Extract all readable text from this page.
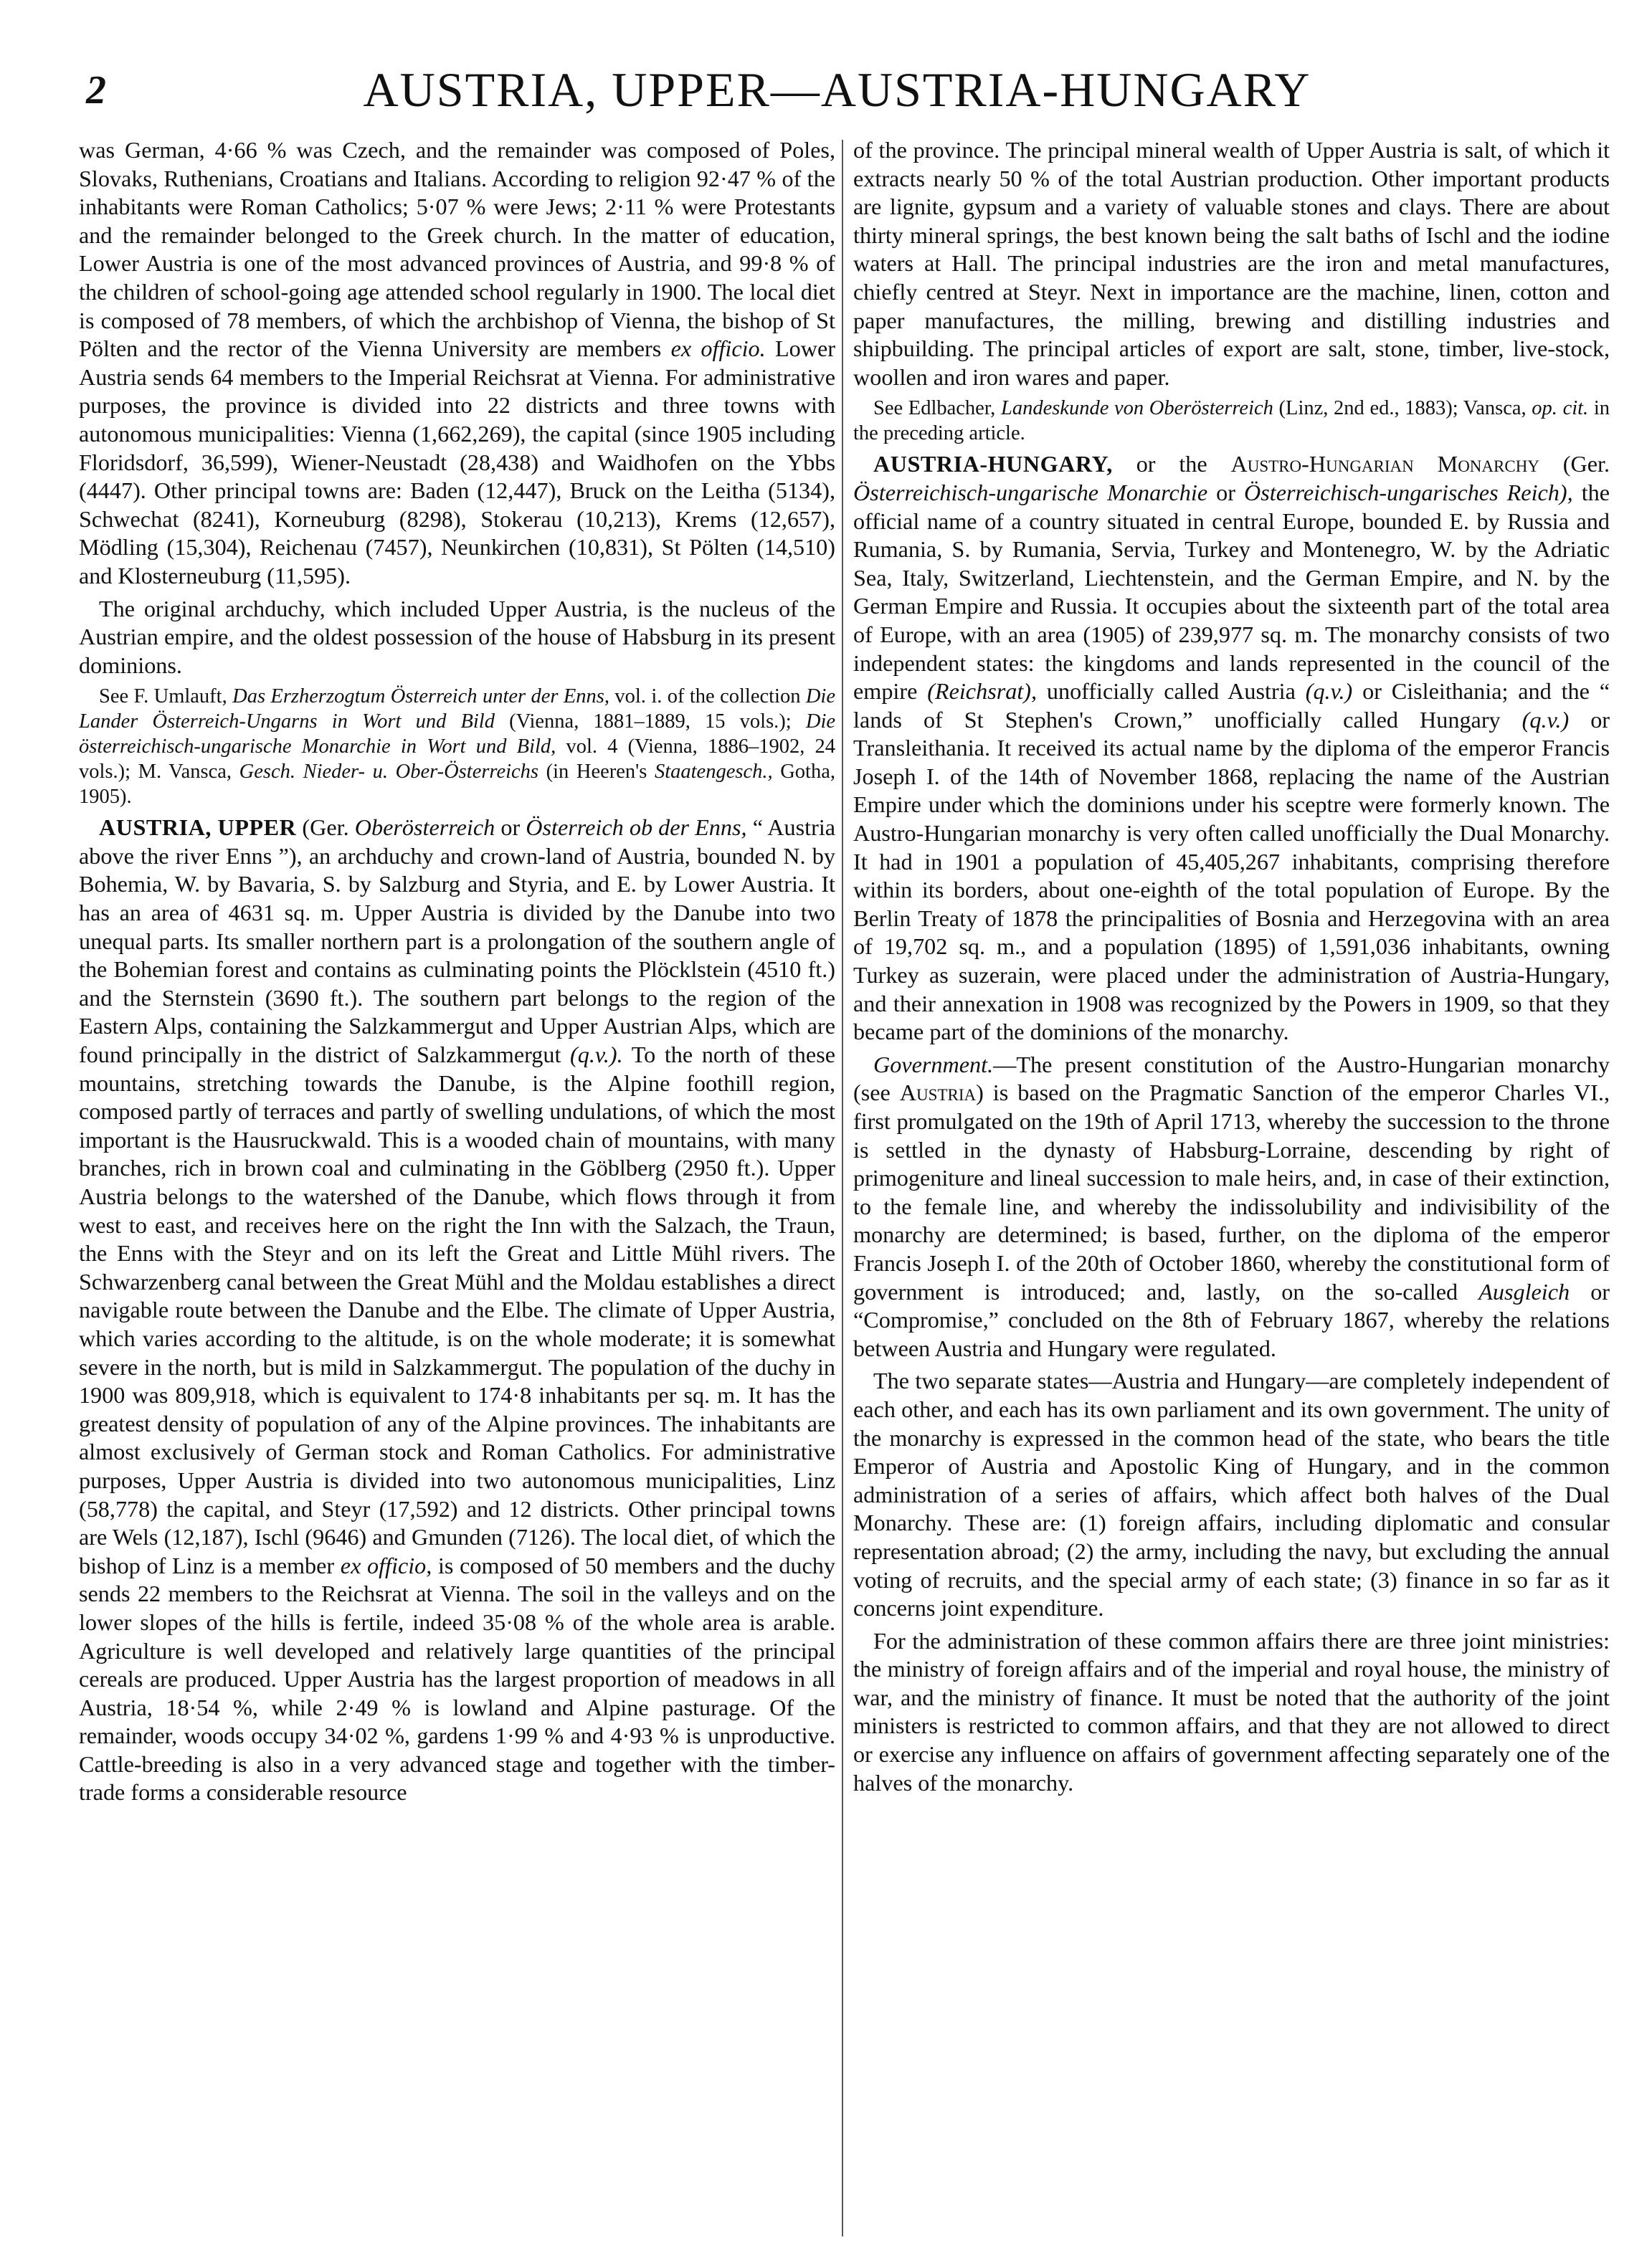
2	AUSTRIA, UPPER—AUSTRIA-HUNGARY

was German, 4·66 % was Czech, and the remainder was composed of Poles, Slovaks, Ruthenians, Croatians and Italians. According to religion 92·47 % of the inhabitants were Roman Catholics; 5·07 % were Jews; 2·11 % were Protestants and the remainder belonged to the Greek church. In the matter of education, Lower Austria is one of the most advanced provinces of Austria, and 99·8 % of the children of school-going age attended school regularly in 1900. The local diet is composed of 78 members, of which the archbishop of Vienna, the bishop of St Pölten and the rector of the Vienna University are members ex officio. Lower Austria sends 64 members to the Imperial Reichsrat at Vienna. For administrative purposes, the province is divided into 22 districts and three towns with autonomous municipalities: Vienna (1,662,269), the capital (since 1905 including Floridsdorf, 36,599), Wiener-Neustadt (28,438) and Waidhofen on the Ybbs (4447). Other principal towns are: Baden (12,447), Bruck on the Leitha (5134), Schwechat (8241), Korneuburg (8298), Stokerau (10,213), Krems (12,657), Mödling (15,304), Reichenau (7457), Neunkirchen (10,831), St Pölten (14,510) and Klosterneuburg (11,595).

The original archduchy, which included Upper Austria, is the nucleus of the Austrian empire, and the oldest possession of the house of Habsburg in its present dominions.

See F. Umlauft, Das Erzherzogtum Österreich unter der Enns, vol. i. of the collection Die Lander Österreich-Ungarns in Wort und Bild (Vienna, 1881–1889, 15 vols.); Die österreichisch-ungarische Monarchie in Wort und Bild, vol. 4 (Vienna, 1886–1902, 24 vols.); M. Vansca, Gesch. Nieder- u. Ober-Österreichs (in Heeren's Staatengesch., Gotha, 1905).

AUSTRIA, UPPER (Ger. Oberösterreich or Österreich ob der Enns, “ Austria above the river Enns ”), an archduchy and crown-land of Austria, bounded N. by Bohemia, W. by Bavaria, S. by Salzburg and Styria, and E. by Lower Austria. It has an area of 4631 sq. m. Upper Austria is divided by the Danube into two unequal parts. Its smaller northern part is a prolongation of the southern angle of the Bohemian forest and contains as culminating points the Plöcklstein (4510 ft.) and the Sternstein (3690 ft.). The southern part belongs to the region of the Eastern Alps, containing the Salzkammergut and Upper Austrian Alps, which are found principally in the district of Salzkammergut (q.v.). To the north of these mountains, stretching towards the Danube, is the Alpine foothill region, composed partly of terraces and partly of swelling undulations, of which the most important is the Hausruckwald. This is a wooded chain of mountains, with many branches, rich in brown coal and culminating in the Göblberg (2950 ft.). Upper Austria belongs to the watershed of the Danube, which flows through it from west to east, and receives here on the right the Inn with the Salzach, the Traun, the Enns with the Steyr and on its left the Great and Little Mühl rivers. The Schwarzenberg canal between the Great Mühl and the Moldau establishes a direct navigable route between the Danube and the Elbe. The climate of Upper Austria, which varies according to the altitude, is on the whole moderate; it is somewhat severe in the north, but is mild in Salzkammergut. The population of the duchy in 1900 was 809,918, which is equivalent to 174·8 inhabitants per sq. m. It has the greatest density of population of any of the Alpine provinces. The inhabitants are almost exclusively of German stock and Roman Catholics. For administrative purposes, Upper Austria is divided into two autonomous municipalities, Linz (58,778) the capital, and Steyr (17,592) and 12 districts. Other principal towns are Wels (12,187), Ischl (9646) and Gmunden (7126). The local diet, of which the bishop of Linz is a member ex officio, is composed of 50 members and the duchy sends 22 members to the Reichsrat at Vienna. The soil in the valleys and on the lower slopes of the hills is fertile, indeed 35·08 % of the whole area is arable. Agriculture is well developed and relatively large quantities of the principal cereals are produced. Upper Austria has the largest proportion of meadows in all Austria, 18·54 %, while 2·49 % is lowland and Alpine pasturage. Of the remainder, woods occupy 34·02 %, gardens 1·99 % and 4·93 % is unproductive. Cattle-breeding is also in a very advanced stage and together with the timber-trade forms a considerable resource

of the province. The principal mineral wealth of Upper Austria is salt, of which it extracts nearly 50 % of the total Austrian production. Other important products are lignite, gypsum and a variety of valuable stones and clays. There are about thirty mineral springs, the best known being the salt baths of Ischl and the iodine waters at Hall. The principal industries are the iron and metal manufactures, chiefly centred at Steyr. Next in importance are the machine, linen, cotton and paper manufactures, the milling, brewing and distilling industries and shipbuilding. The principal articles of export are salt, stone, timber, live-stock, woollen and iron wares and paper.

See Edlbacher, Landeskunde von Oberösterreich (Linz, 2nd ed., 1883); Vansca, op. cit. in the preceding article.

AUSTRIA-HUNGARY, or the Austro-Hungarian Monarchy (Ger. Österreichisch-ungarische Monarchie or Österreichisch-ungarisches Reich), the official name of a country situated in central Europe, bounded E. by Russia and Rumania, S. by Rumania, Servia, Turkey and Montenegro, W. by the Adriatic Sea, Italy, Switzerland, Liechtenstein, and the German Empire, and N. by the German Empire and Russia. It occupies about the sixteenth part of the total area of Europe, with an area (1905) of 239,977 sq. m. The monarchy consists of two independent states: the kingdoms and lands represented in the council of the empire (Reichsrat), unofficially called Austria (q.v.) or Cisleithania; and the “ lands of St Stephen's Crown,” unofficially called Hungary (q.v.) or Transleithania. It received its actual name by the diploma of the emperor Francis Joseph I. of the 14th of November 1868, replacing the name of the Austrian Empire under which the dominions under his sceptre were formerly known. The Austro-Hungarian monarchy is very often called unofficially the Dual Monarchy. It had in 1901 a population of 45,405,267 inhabitants, comprising therefore within its borders, about one-eighth of the total population of Europe. By the Berlin Treaty of 1878 the principalities of Bosnia and Herzegovina with an area of 19,702 sq. m., and a population (1895) of 1,591,036 inhabitants, owning Turkey as suzerain, were placed under the administration of Austria-Hungary, and their annexation in 1908 was recognized by the Powers in 1909, so that they became part of the dominions of the monarchy.

Government.—The present constitution of the Austro-Hungarian monarchy (see Austria) is based on the Pragmatic Sanction of the emperor Charles VI., first promulgated on the 19th of April 1713, whereby the succession to the throne is settled in the dynasty of Habsburg-Lorraine, descending by right of primogeniture and lineal succession to male heirs, and, in case of their extinction, to the female line, and whereby the indissolubility and indivisibility of the monarchy are determined; is based, further, on the diploma of the emperor Francis Joseph I. of the 20th of October 1860, whereby the constitutional form of government is introduced; and, lastly, on the so-called Ausgleich or “Compromise,” concluded on the 8th of February 1867, whereby the relations between Austria and Hungary were regulated.

The two separate states—Austria and Hungary—are completely independent of each other, and each has its own parliament and its own government. The unity of the monarchy is expressed in the common head of the state, who bears the title Emperor of Austria and Apostolic King of Hungary, and in the common administration of a series of affairs, which affect both halves of the Dual Monarchy. These are: (1) foreign affairs, including diplomatic and consular representation abroad; (2) the army, including the navy, but excluding the annual voting of recruits, and the special army of each state; (3) finance in so far as it concerns joint expenditure.

For the administration of these common affairs there are three joint ministries: the ministry of foreign affairs and of the imperial and royal house, the ministry of war, and the ministry of finance. It must be noted that the authority of the joint ministers is restricted to common affairs, and that they are not allowed to direct or exercise any influence on affairs of government affecting separately one of the halves of the monarchy.
